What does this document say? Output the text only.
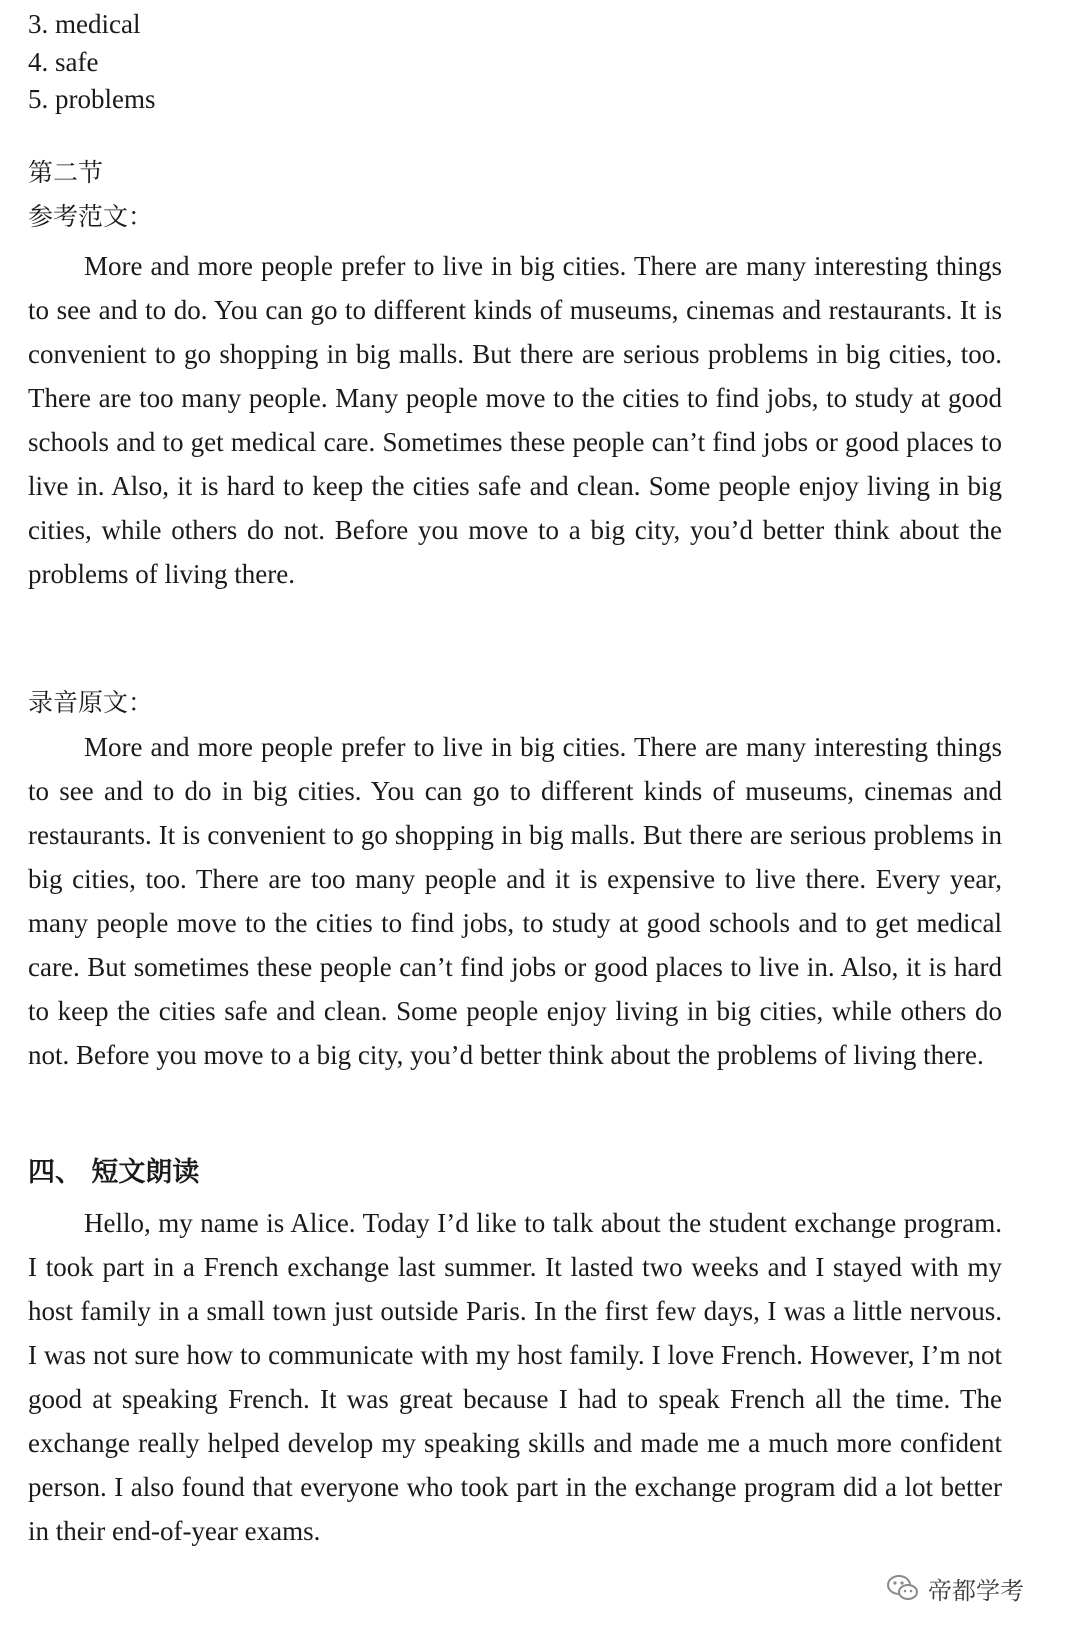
3. medical
4. safe
5. problems
第二节
参考范文：

More and more people prefer to live in big cities. There are many interesting things to see and to do. You can go to different kinds of museums, cinemas and restaurants. It is convenient to go shopping in big malls. But there are serious problems in big cities, too. There are too many people. Many people move to the cities to find jobs, to study at good schools and to get medical care. Sometimes these people can’t find jobs or good places to live in. Also, it is hard to keep the cities safe and clean. Some people enjoy living in big cities, while others do not. Before you move to a big city, you’d better think about the problems of living there.

录音原文：

More and more people prefer to live in big cities. There are many interesting things to see and to do in big cities. You can go to different kinds of museums, cinemas and restaurants. It is convenient to go shopping in big malls. But there are serious problems in big cities, too. There are too many people and it is expensive to live there. Every year, many people move to the cities to find jobs, to study at good schools and to get medical care. But sometimes these people can’t find jobs or good places to live in. Also, it is hard to keep the cities safe and clean. Some people enjoy living in big cities, while others do not. Before you move to a big city, you’d better think about the problems of living there.

四、 短文朗读

Hello, my name is Alice. Today I’d like to talk about the student exchange program. I took part in a French exchange last summer. It lasted two weeks and I stayed with my host family in a small town just outside Paris. In the first few days, I was a little nervous. I was not sure how to communicate with my host family. I love French. However, I’m not good at speaking French. It was great because I had to speak French all the time. The exchange really helped develop my speaking skills and made me a much more confident person. I also found that everyone who took part in the exchange program did a lot better in their end-of-year exams.

帝都学考
